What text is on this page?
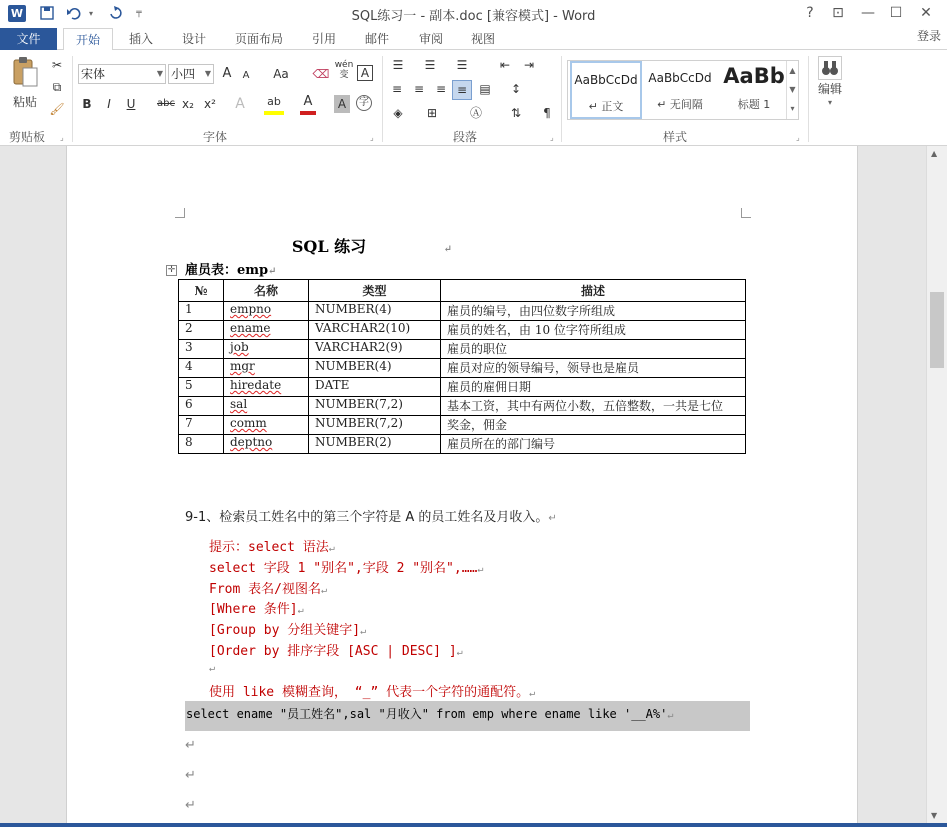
W	▾	╤	SQL练习一 - 副本.doc [兼容模式] - Word	?	⊡	—	☐	✕
文件	开始	插入	设计	页面布局	引用	邮件	审阅	视图	登录
粘贴
✂
⧉
🖌
剪贴板	⌟
宋体	▼ 小四 ▼ A	A	Aa	⌫
wén
变	A
B	I	U abc x₂ x² A ab A	A	字
字体	⌟
☰	☰	☰	⇤	⇥
≡ ≡ ≡ ≡	▤	↕
◈	⊞	Ⓐ	⇅	¶
段落	⌟
AaBbCcDd
↵ 正文
AaBbCcDd
↵ 无间隔
AaBb
标题 1
▲
▼
▾
样式	⌟
编辑
▾
SQL 练习	↵
✛ 雇员表：emp↵
№	名称	类型	描述
1	empno	NUMBER(4)	雇员的编号，由四位数字所组成
2	ename	VARCHAR2(10)	雇员的姓名，由 10 位字符所组成
3	job	VARCHAR2(9)	雇员的职位
4	mgr	NUMBER(4)	雇员对应的领导编号，领导也是雇员
5	hiredate	DATE	雇员的雇佣日期
6	sal	NUMBER(7,2)	基本工资，其中有两位小数，五倍整数，一共是七位
7	comm	NUMBER(7,2)	奖金，佣金
8	deptno	NUMBER(2)	雇员所在的部门编号
9-1、检索员工姓名中的第三个字符是 A 的员工姓名及月收入。↵
提示：select 语法↵
select 字段 1 "别名",字段 2 "别名",……↵
From 表名/视图名↵
[Where 条件]↵
[Group by 分组关键字]↵
[Order by 排序字段 [ASC | DESC] ]↵
↵
使用 like 模糊查询， “_” 代表一个字符的通配符。↵
select ename "员工姓名",sal "月收入" from emp where ename like '__A%'↵
↵
↵
↵
▲
▼
